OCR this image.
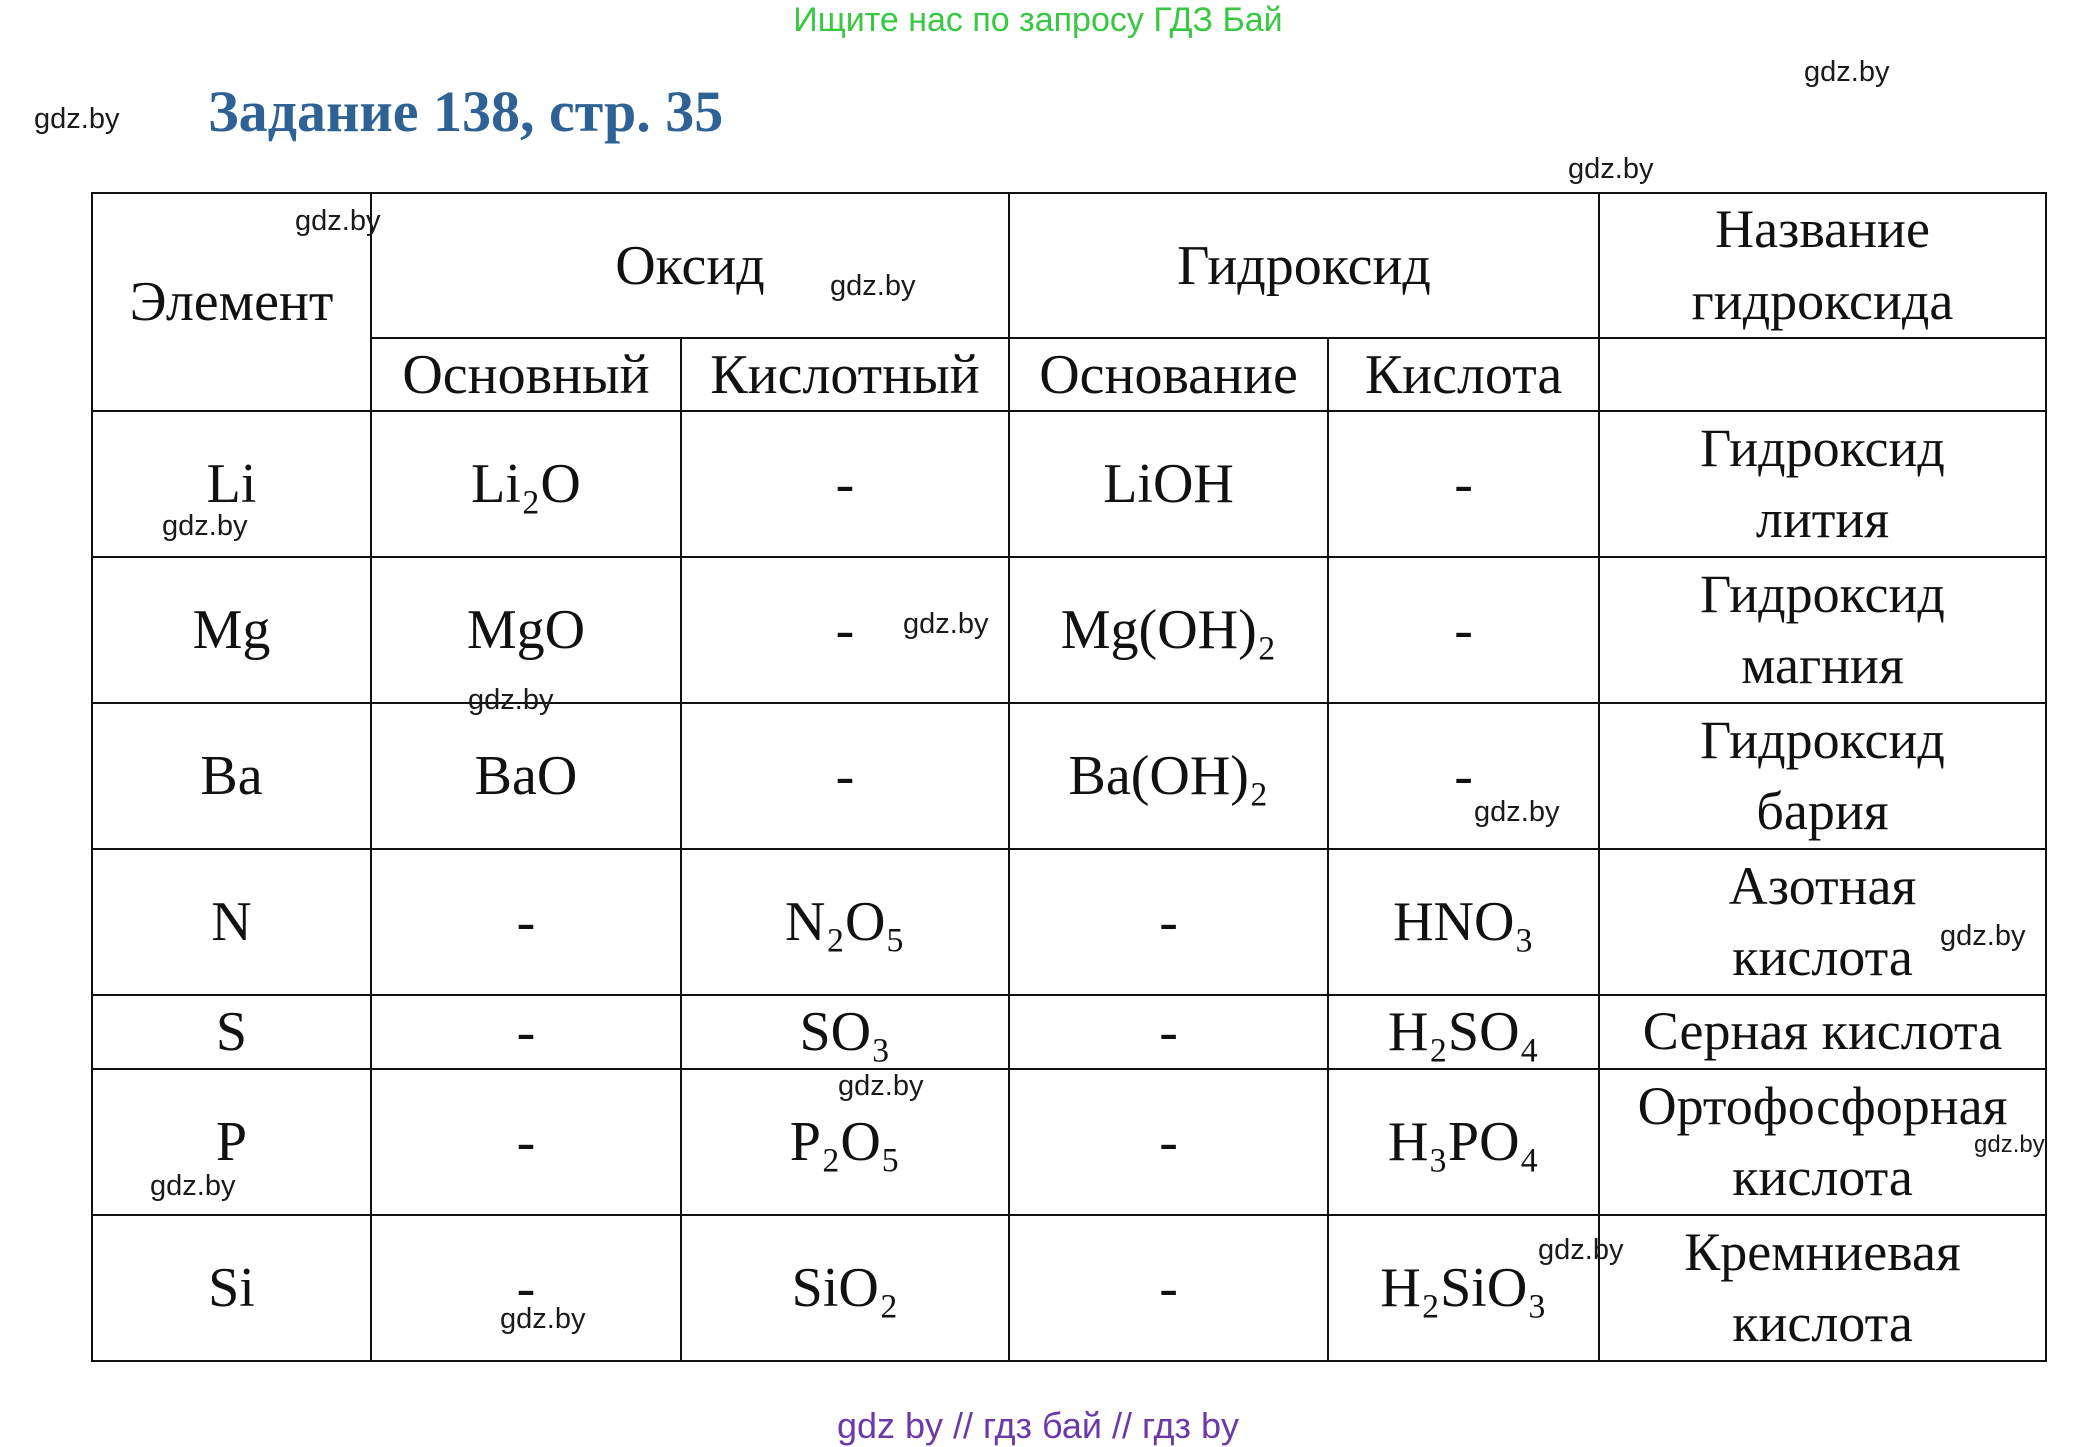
Ищите нас по запросу ГДЗ Бай
Задание 138, стр. 35
Элемент	Оксид		Гидроксид		Название гидроксида
	Основный	Кислотный	Основание	Кислота	
Li	Li₂O	-	LiOH	-	Гидроксид лития
Mg	MgO	-	Mg(OH)₂	-	Гидроксид магния
Ba	BaO	-	Ba(OH)₂	-	Гидроксид бария
N	-	N₂O₅	-	HNO₃	Азотная кислота
S	-	SO₃	-	H₂SO₄	Серная кислота
P	-	P₂O₅	-	H₃PO₄	Ортофосфорная кислота
Si	-	SiO₂	-	H₂SiO₃	Кремниевая кислота
gdz.by
gdz.by
gdz.by
gdz.by
gdz.by
gdz.by
gdz.by
gdz.by
gdz.by
gdz.by
gdz.by
gdz.by
gdz.by
gdz.by
gdz.by
gdz by // гдз бай // гдз by
